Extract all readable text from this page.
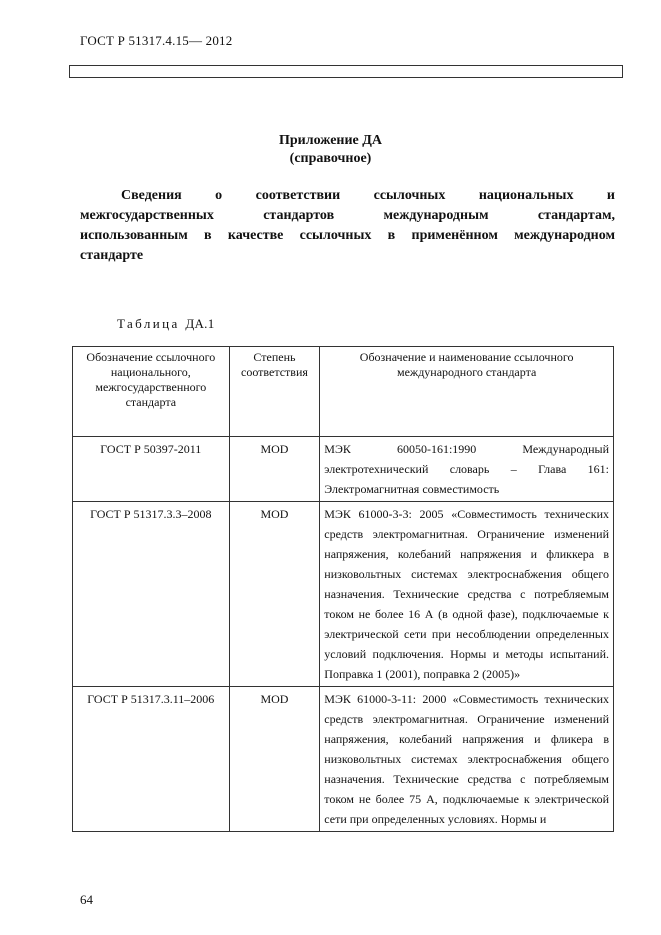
ГОСТ Р 51317.4.15— 2012
Приложение ДА
(справочное)
Сведения о соответствии ссылочных национальных и
межгосударственных стандартов международным стандартам,
использованным в качестве ссылочных в применённом международном
стандарте
Таблица ДА.1
Обозначение ссылочного национального, межгосударственного стандарта	Степень соответствия	Обозначение и наименование ссылочного международного стандарта
ГОСТ Р 50397-2011	MOD	МЭК 60050-161:1990 Международный электротехнический словарь – Глава 161: Электромагнитная совместимость
ГОСТ Р 51317.3.3–2008	MOD	МЭК 61000-3-3: 2005 «Совместимость технических средств электромагнитная. Ограничение изменений напряжения, колебаний напряжения и фликкера в низковольтных системах электроснабжения общего назначения. Технические средства с потребляемым током не более 16 А (в одной фазе), подключаемые к электрической сети при несоблюдении определенных условий подключения. Нормы и методы испытаний. Поправка 1 (2001), поправка 2 (2005)»
ГОСТ Р 51317.3.11–2006	MOD	МЭК 61000-3-11: 2000 «Совместимость технических средств электромагнитная. Ограничение изменений напряжения, колебаний напряжения и фликера в низковольтных системах электроснабжения общего назначения. Технические средства с потребляемым током не более 75 А, подключаемые к электрической сети при определенных условиях. Нормы и
64
